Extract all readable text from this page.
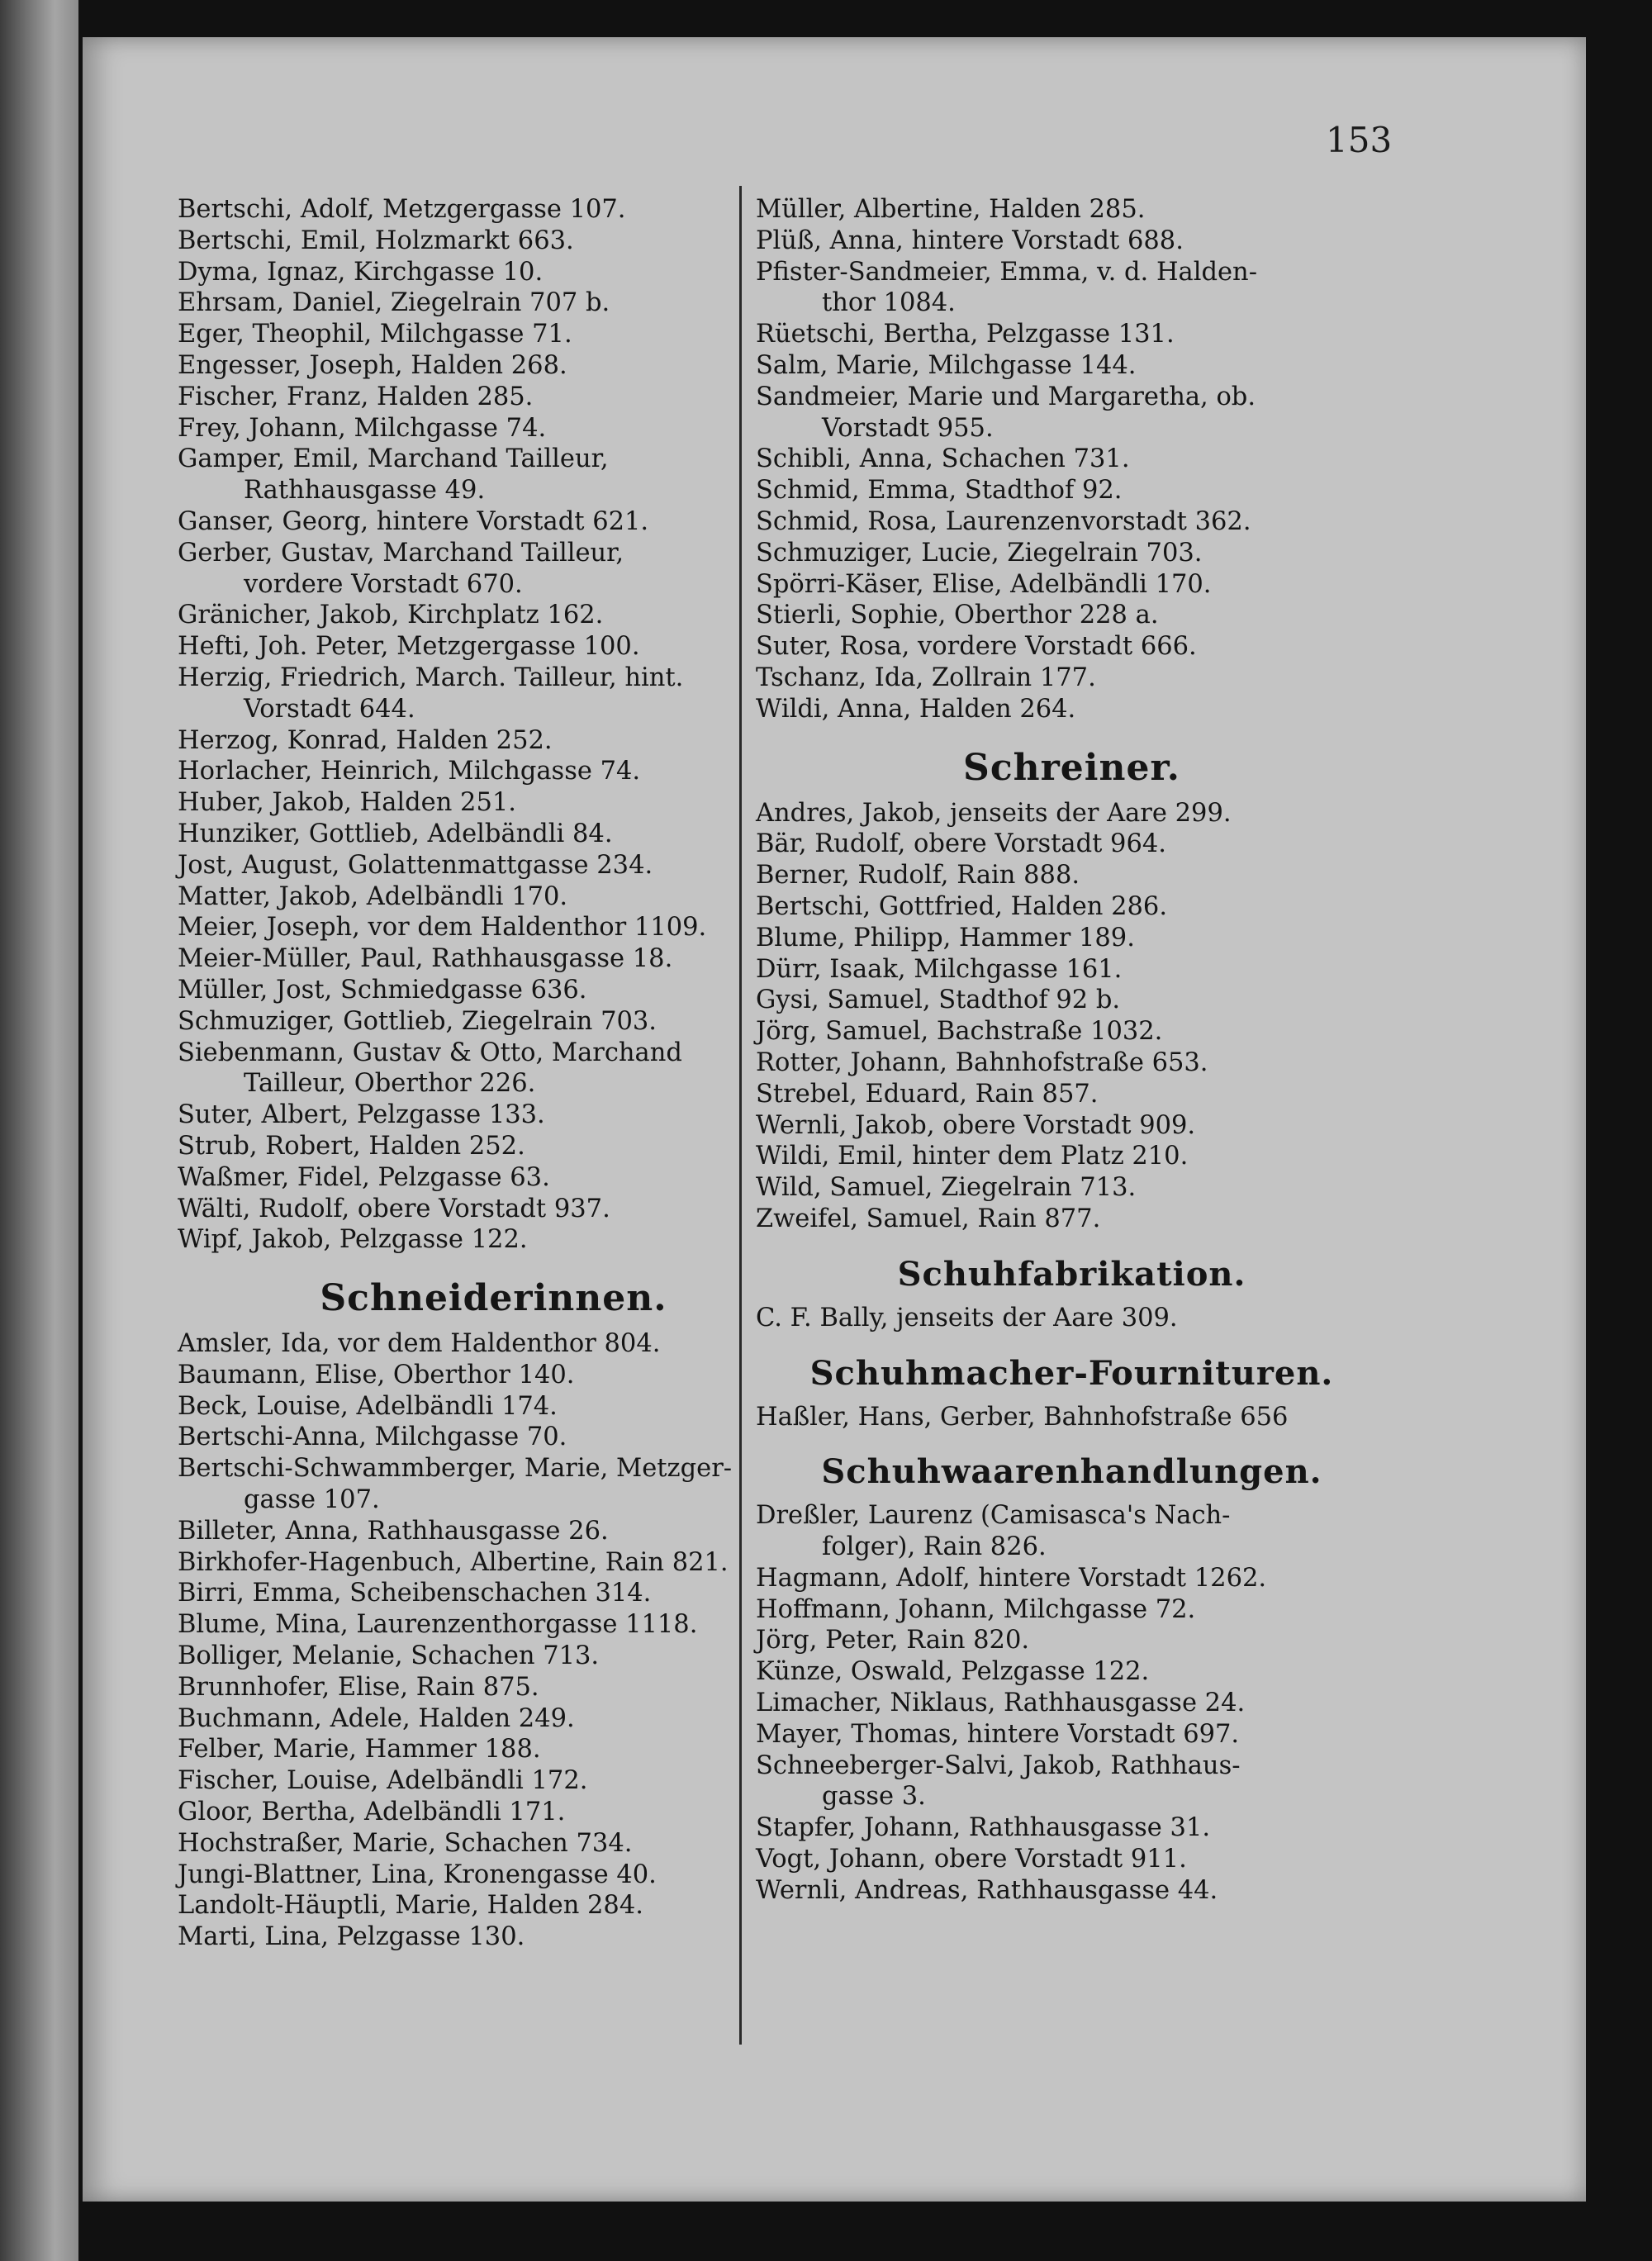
153
Bertschi, Adolf, Metzgergasse 107.
Bertschi, Emil, Holzmarkt 663.
Dyma, Ignaz, Kirchgasse 10.
Ehrsam, Daniel, Ziegelrain 707 b.
Eger, Theophil, Milchgasse 71.
Engesser, Joseph, Halden 268.
Fischer, Franz, Halden 285.
Frey, Johann, Milchgasse 74.
Gamper, Emil, Marchand Tailleur,
Rathhausgasse 49.
Ganser, Georg, hintere Vorstadt 621.
Gerber, Gustav, Marchand Tailleur,
vordere Vorstadt 670.
Gränicher, Jakob, Kirchplatz 162.
Hefti, Joh. Peter, Metzgergasse 100.
Herzig, Friedrich, March. Tailleur, hint.
Vorstadt 644.
Herzog, Konrad, Halden 252.
Horlacher, Heinrich, Milchgasse 74.
Huber, Jakob, Halden 251.
Hunziker, Gottlieb, Adelbändli 84.
Jost, August, Golattenmattgasse 234.
Matter, Jakob, Adelbändli 170.
Meier, Joseph, vor dem Haldenthor 1109.
Meier-Müller, Paul, Rathhausgasse 18.
Müller, Jost, Schmiedgasse 636.
Schmuziger, Gottlieb, Ziegelrain 703.
Siebenmann, Gustav & Otto, Marchand
Tailleur, Oberthor 226.
Suter, Albert, Pelzgasse 133.
Strub, Robert, Halden 252.
Waßmer, Fidel, Pelzgasse 63.
Wälti, Rudolf, obere Vorstadt 937.
Wipf, Jakob, Pelzgasse 122.
Schneiderinnen.
Amsler, Ida, vor dem Haldenthor 804.
Baumann, Elise, Oberthor 140.
Beck, Louise, Adelbändli 174.
Bertschi-Anna, Milchgasse 70.
Bertschi-Schwammberger, Marie, Metzger-
gasse 107.
Billeter, Anna, Rathhausgasse 26.
Birkhofer-Hagenbuch, Albertine, Rain 821.
Birri, Emma, Scheibenschachen 314.
Blume, Mina, Laurenzenthorgasse 1118.
Bolliger, Melanie, Schachen 713.
Brunnhofer, Elise, Rain 875.
Buchmann, Adele, Halden 249.
Felber, Marie, Hammer 188.
Fischer, Louise, Adelbändli 172.
Gloor, Bertha, Adelbändli 171.
Hochstraßer, Marie, Schachen 734.
Jungi-Blattner, Lina, Kronengasse 40.
Landolt-Häuptli, Marie, Halden 284.
Marti, Lina, Pelzgasse 130.
Müller, Albertine, Halden 285.
Plüß, Anna, hintere Vorstadt 688.
Pfister-Sandmeier, Emma, v. d. Halden-
thor 1084.
Rüetschi, Bertha, Pelzgasse 131.
Salm, Marie, Milchgasse 144.
Sandmeier, Marie und Margaretha, ob.
Vorstadt 955.
Schibli, Anna, Schachen 731.
Schmid, Emma, Stadthof 92.
Schmid, Rosa, Laurenzenvorstadt 362.
Schmuziger, Lucie, Ziegelrain 703.
Spörri-Käser, Elise, Adelbändli 170.
Stierli, Sophie, Oberthor 228 a.
Suter, Rosa, vordere Vorstadt 666.
Tschanz, Ida, Zollrain 177.
Wildi, Anna, Halden 264.
Schreiner.
Andres, Jakob, jenseits der Aare 299.
Bär, Rudolf, obere Vorstadt 964.
Berner, Rudolf, Rain 888.
Bertschi, Gottfried, Halden 286.
Blume, Philipp, Hammer 189.
Dürr, Isaak, Milchgasse 161.
Gysi, Samuel, Stadthof 92 b.
Jörg, Samuel, Bachstraße 1032.
Rotter, Johann, Bahnhofstraße 653.
Strebel, Eduard, Rain 857.
Wernli, Jakob, obere Vorstadt 909.
Wildi, Emil, hinter dem Platz 210.
Wild, Samuel, Ziegelrain 713.
Zweifel, Samuel, Rain 877.
Schuhfabrikation.
C. F. Bally, jenseits der Aare 309.
Schuhmacher-Fournituren.
Haßler, Hans, Gerber, Bahnhofstraße 656
Schuhwaarenhandlungen.
Dreßler, Laurenz (Camisasca's Nach-
folger), Rain 826.
Hagmann, Adolf, hintere Vorstadt 1262.
Hoffmann, Johann, Milchgasse 72.
Jörg, Peter, Rain 820.
Künze, Oswald, Pelzgasse 122.
Limacher, Niklaus, Rathhausgasse 24.
Mayer, Thomas, hintere Vorstadt 697.
Schneeberger-Salvi, Jakob, Rathhaus-
gasse 3.
Stapfer, Johann, Rathhausgasse 31.
Vogt, Johann, obere Vorstadt 911.
Wernli, Andreas, Rathhausgasse 44.
